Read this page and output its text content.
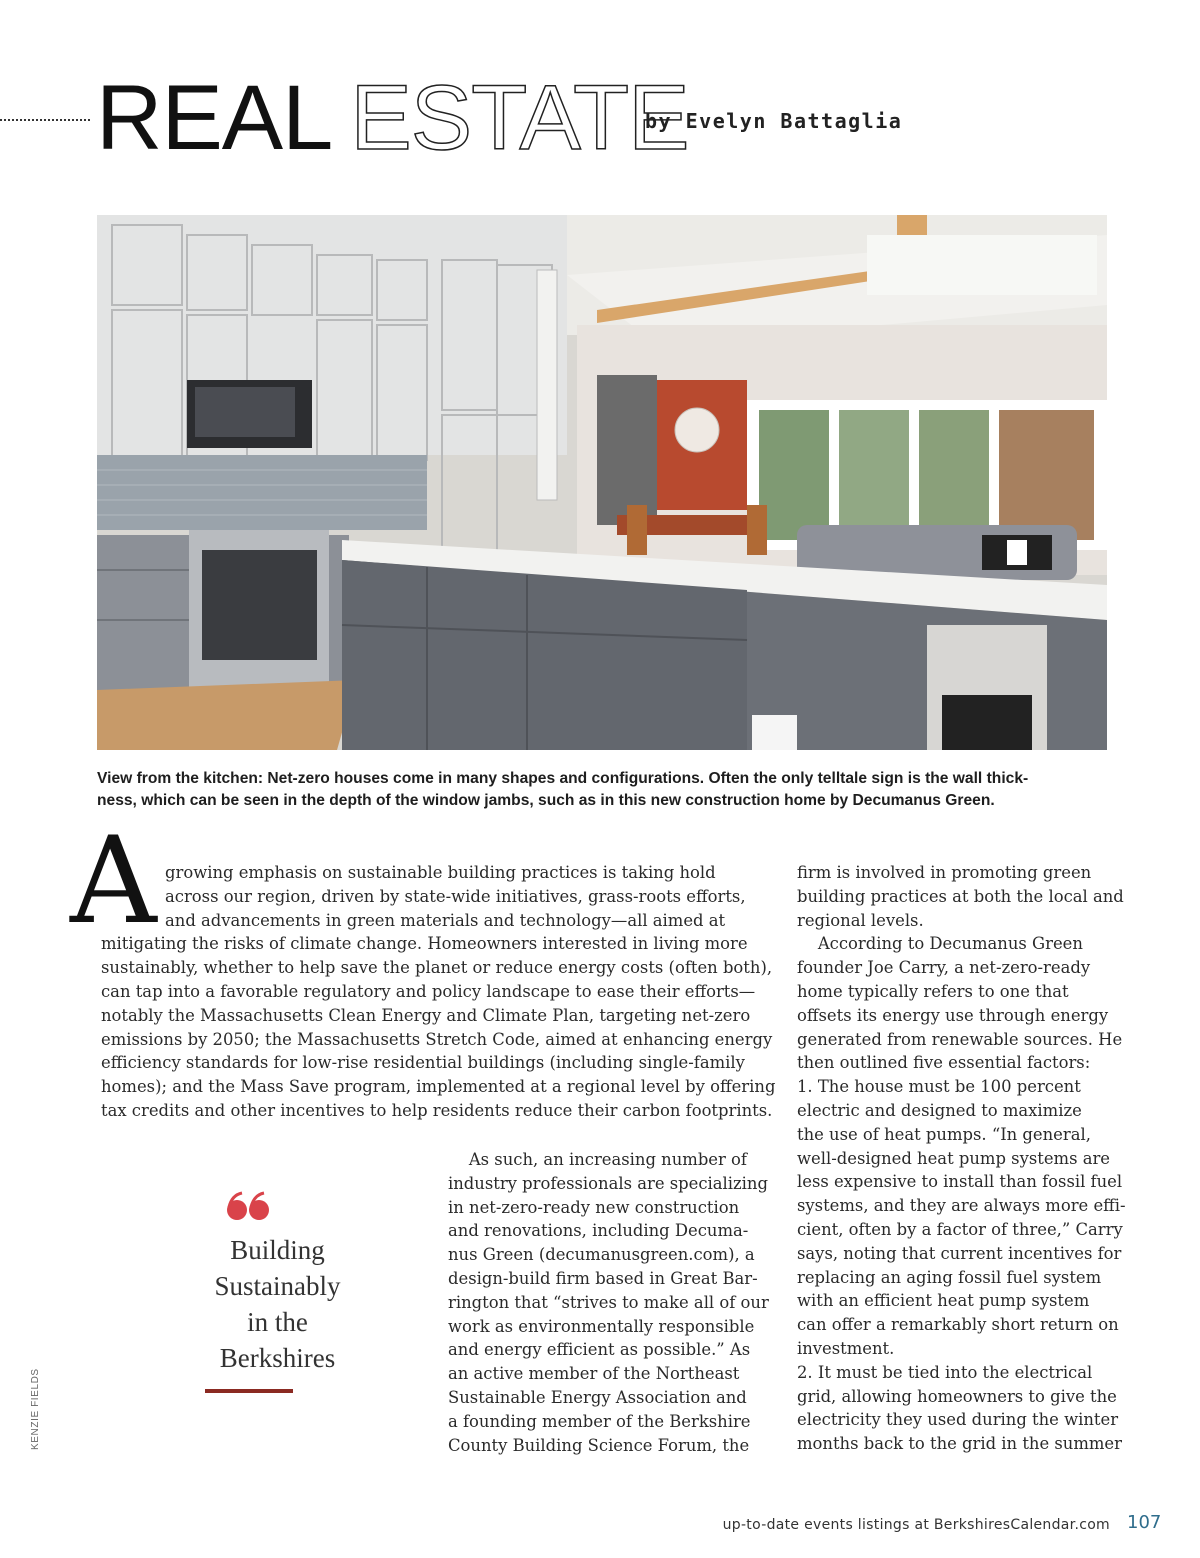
REAL ESTATE
by Evelyn Battaglia
View from the kitchen: Net-zero houses come in many shapes and configurations. Often the only telltale sign is the wall thick-
ness, which can be seen in the depth of the window jambs, such as in this new construction home by Decumanus Green.
A growing emphasis on sustainable building practices is taking hold
across our region, driven by state-wide initiatives, grass-roots efforts,
and advancements in green materials and technology—all aimed at
mitigating the risks of climate change. Homeowners interested in living more
sustainably, whether to help save the planet or reduce energy costs (often both),
can tap into a favorable regulatory and policy landscape to ease their efforts—
notably the Massachusetts Clean Energy and Climate Plan, targeting net-zero
emissions by 2050; the Massachusetts Stretch Code, aimed at enhancing energy
efficiency standards for low-rise residential buildings (including single-family
homes); and the Mass Save program, implemented at a regional level by offering
tax credits and other incentives to help residents reduce their carbon footprints.
Building
Sustainably
in the
Berkshires
As such, an increasing number of
industry professionals are specializing
in net-zero-ready new construction
and renovations, including Decuma-
nus Green (decumanusgreen.com), a
design-build firm based in Great Bar-
rington that “strives to make all of our
work as environmentally responsible
and energy efficient as possible.” As
an active member of the Northeast
Sustainable Energy Association and
a founding member of the Berkshire
County Building Science Forum, the
firm is involved in promoting green
building practices at both the local and
regional levels.
According to Decumanus Green
founder Joe Carry, a net-zero-ready
home typically refers to one that
offsets its energy use through energy
generated from renewable sources. He
then outlined five essential factors:
1. The house must be 100 percent
electric and designed to maximize
the use of heat pumps. “In general,
well-designed heat pump systems are
less expensive to install than fossil fuel
systems, and they are always more effi-
cient, often by a factor of three,” Carry
says, noting that current incentives for
replacing an aging fossil fuel system
with an efficient heat pump system
can offer a remarkably short return on
investment.
2. It must be tied into the electrical
grid, allowing homeowners to give the
electricity they used during the winter
months back to the grid in the summer
KENZIE FIELDS
up-to-date events listings at BerkshiresCalendar.com 107
